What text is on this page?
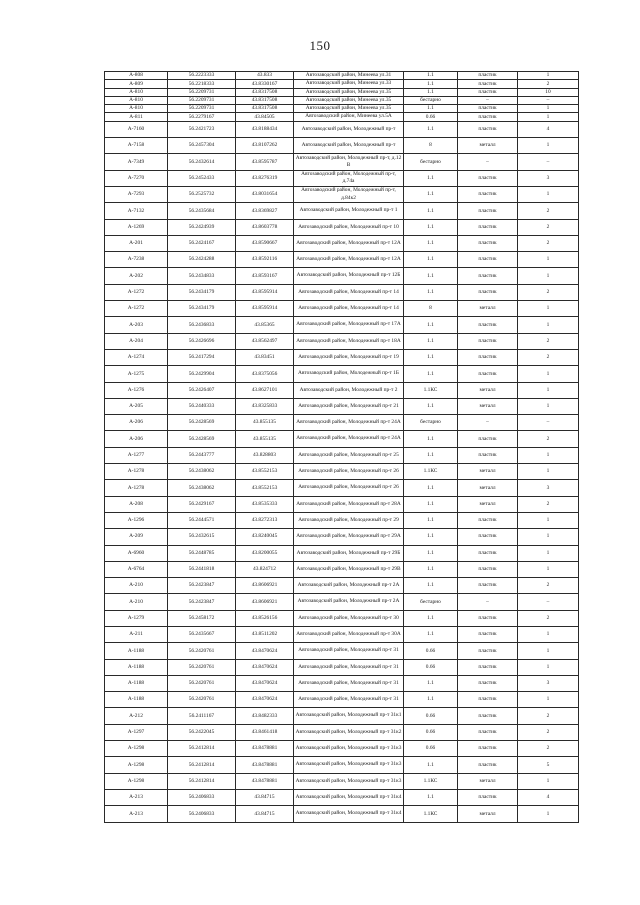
150
А-808	56.2223333	43.833	Автозаводский район, Минеева ул.31	1.1	пластик	1
А-809	56.2218333	43.8330167	Автозаводский район, Минеева ул.33	1.1	пластик	2
А-810	56.2209731	43.8317508	Автозаводский район, Минеева ул.35	1.1	пластик	10
А-810	56.2209731	43.8317508	Автозаводский район, Минеева ул.35	бестарно	–	–
А-810	56.2209731	43.8317508	Автозаводский район, Минеева ул.35	1.1	пластик	1
А-811	56.2279167	43.84505	Автозаводский район, Минеева ул.5А	0.66	пластик	1
А-7160	56.2421723	43.8188434	Автозаводский район, Молодежный пр-т	1.1	пластик	4
А-7158	56.2457304	43.8107262	Автозаводский район, Молодежный пр-т	8	металл	1
А-7349	56.2432614	43.8595787	Автозаводский район, Молодежный пр-т, д.12 В	бестарно	–	–
А-7270	56.2452433	43.8276319	Автозаводский район, Молодежный пр-т, д.74а	1.1	пластик	3
А-7293	56.2525732	43.8031654	Автозаводский район, Молодежный пр-т, д.84к2	1.1	пластик	1
А-7132	56.2435684	43.8369827	Автозаводский район, Молодежный пр-т 1	1.1	пластик	2
А-1269	56.2424939	43.8603778	Автозаводский район, Молодежный пр-т 10	1.1	пластик	2
А-201	56.2424167	43.8590667	Автозаводский район, Молодежный пр-т 12А	1.1	пластик	2
А-7238	56.2424288	43.8592116	Автозаводский район, Молодежный пр-т 12А	1.1	пластик	1
А-202	56.2434833	43.8593167	Автозаводский район, Молодежный пр-т 12Б	1.1	пластик	1
А-1272	56.2434179	43.8595914	Автозаводский район, Молодежный пр-т 14	1.1	пластик	2
А-1272	56.2434179	43.8595914	Автозаводский район, Молодежный пр-т 14	8	металл	1
А-203	56.2436833	43.85365	Автозаводский район, Молодежный пр-т 17А	1.1	пластик	1
А-204	56.2426696	43.8562497	Автозаводский район, Молодежный пр-т 18А	1.1	пластик	2
А-1274	56.2417294	43.83451	Автозаводский район, Молодежный пр-т 19	1.1	пластик	2
А-1275	56.2429904	43.8375056	Автозаводский район, Молодежный пр-т 1Б	1.1	пластик	1
А-1276	56.2426407	43.8627101	Автозаводский район, Молодежный пр-т 2	1.1КС	металл	1
А-205	56.2440333	43.8325833	Автозаводский район, Молодежный пр-т 21	1.1	металл	1
А-206	56.2428569	43.855135	Автозаводский район, Молодежный пр-т 24А	бестарно	–	–
А-206	56.2428569	43.855135	Автозаводский район, Молодежный пр-т 24А	1.1	пластик	2
А-1277	56.2443777	43.828803	Автозаводский район, Молодежный пр-т 25	1.1	пластик	1
А-1278	56.2438062	43.8552153	Автозаводский район, Молодежный пр-т 26	1.1КС	металл	1
А-1278	56.2438062	43.8552153	Автозаводский район, Молодежный пр-т 26	1.1	металл	3
А-208	56.2429167	43.8535333	Автозаводский район, Молодежный пр-т 28А	1.1	металл	2
А-1296	56.2444571	43.8272313	Автозаводский район, Молодежный пр-т 29	1.1	пластик	1
А-209	56.2432615	43.8240045	Автозаводский район, Молодежный пр-т 29А	1.1	пластик	1
А-6960	56.2448785	43.8200055	Автозаводский район, Молодежный пр-т 29Б	1.1	пластик	1
А-6764	56.2441818	43.824712	Автозаводский район, Молодежный пр-т 29В	1.1	пластик	1
А-210	56.2423847	43.8606921	Автозаводский район, Молодежный пр-т 2А	1.1	пластик	2
А-210	56.2423847	43.8606921	Автозаводский район, Молодежный пр-т 2А	бестарно	–	–
А-1279	56.2458172	43.8526156	Автозаводский район, Молодежный пр-т 30	1.1	пластик	2
А-211	56.2435667	43.8511202	Автозаводский район, Молодежный пр-т 30А	1.1	пластик	1
А-1188	56.2420761	43.8470624	Автозаводский район, Молодежный пр-т 31	0.66	пластик	1
А-1188	56.2420761	43.8470624	Автозаводский район, Молодежный пр-т 31	0.66	пластик	1
А-1188	56.2420761	43.8470624	Автозаводский район, Молодежный пр-т 31	1.1	пластик	3
А-1188	56.2420761	43.8470624	Автозаводский район, Молодежный пр-т 31	1.1	пластик	1
А-212	56.2411167	43.8482333	Автозаводский район, Молодежный пр-т 31к1	0.66	пластик	2
А-1297	56.2422045	43.8461418	Автозаводский район, Молодежный пр-т 31к2	0.66	пластик	2
А-1298	56.2412814	43.8478881	Автозаводский район, Молодежный пр-т 31к3	0.66	пластик	2
А-1298	56.2412814	43.8478881	Автозаводский район, Молодежный пр-т 31к3	1.1	пластик	5
А-1298	56.2412814	43.8478881	Автозаводский район, Молодежный пр-т 31к3	1.1КС	металл	1
А-213	56.2406833	43.84715	Автозаводский район, Молодежный пр-т 31к4	1.1	пластик	4
А-213	56.2406833	43.84715	Автозаводский район, Молодежный пр-т 31к4	1.1КС	металл	1
